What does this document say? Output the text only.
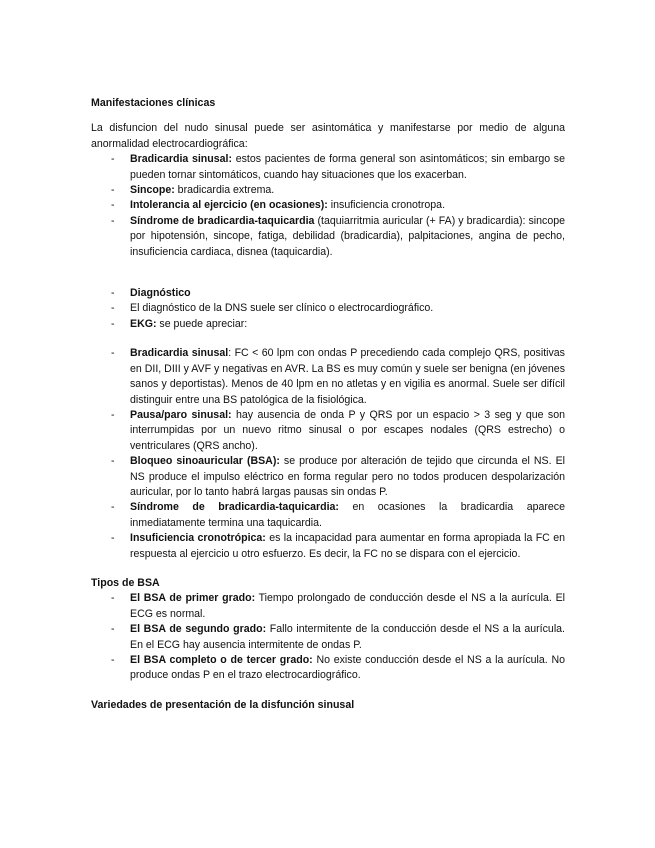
Manifestaciones clínicas

La disfuncion del nudo sinusal puede ser asintomática y manifestarse por medio de alguna anormalidad electrocardiográfica:

- Bradicardia sinusal: estos pacientes de forma general son asintomáticos; sin embargo se pueden tornar sintomáticos, cuando hay situaciones que los exacerban.
- Sincope: bradicardia extrema.
- Intolerancia al ejercicio (en ocasiones): insuficiencia cronotropa.
- Síndrome de bradicardia-taquicardia (taquiarritmia auricular (+ FA) y bradicardia): sincope por hipotensión, sincope, fatiga, debilidad (bradicardia), palpitaciones, angina de pecho, insuficiencia cardiaca, disnea (taquicardia).
- Diagnóstico
- El diagnóstico de la DNS suele ser clínico o electrocardiográfico.
- EKG: se puede apreciar:
- Bradicardia sinusal: FC < 60 lpm con ondas P precediendo cada complejo QRS, positivas en DII, DIII y AVF y negativas en AVR. La BS es muy común y suele ser benigna (en jóvenes sanos y deportistas). Menos de 40 lpm en no atletas y en vigilia es anormal. Suele ser difícil distinguir entre una BS patológica de la fisiológica.
- Pausa/paro sinusal: hay ausencia de onda P y QRS por un espacio > 3 seg y que son interrumpidas por un nuevo ritmo sinusal o por escapes nodales (QRS estrecho) o ventriculares (QRS ancho).
- Bloqueo sinoauricular (BSA): se produce por alteración de tejido que circunda el NS. El NS produce el impulso eléctrico en forma regular pero no todos producen despolarización auricular, por lo tanto habrá largas pausas sin ondas P.
- Síndrome de bradicardia-taquicardia: en ocasiones la bradicardia aparece inmediatamente termina una taquicardia.
- Insuficiencia cronotrópica: es la incapacidad para aumentar en forma apropiada la FC en respuesta al ejercicio u otro esfuerzo. Es decir, la FC no se dispara con el ejercicio.
Tipos de BSA
- El BSA de primer grado: Tiempo prolongado de conducción desde el NS a la aurícula. El ECG es normal.
- El BSA de segundo grado: Fallo intermitente de la conducción desde el NS a la aurícula. En el ECG hay ausencia intermitente de ondas P.
- El BSA completo o de tercer grado: No existe conducción desde el NS a la aurícula. No produce ondas P en el trazo electrocardiográfico.
Variedades de presentación de la disfunción sinusal
